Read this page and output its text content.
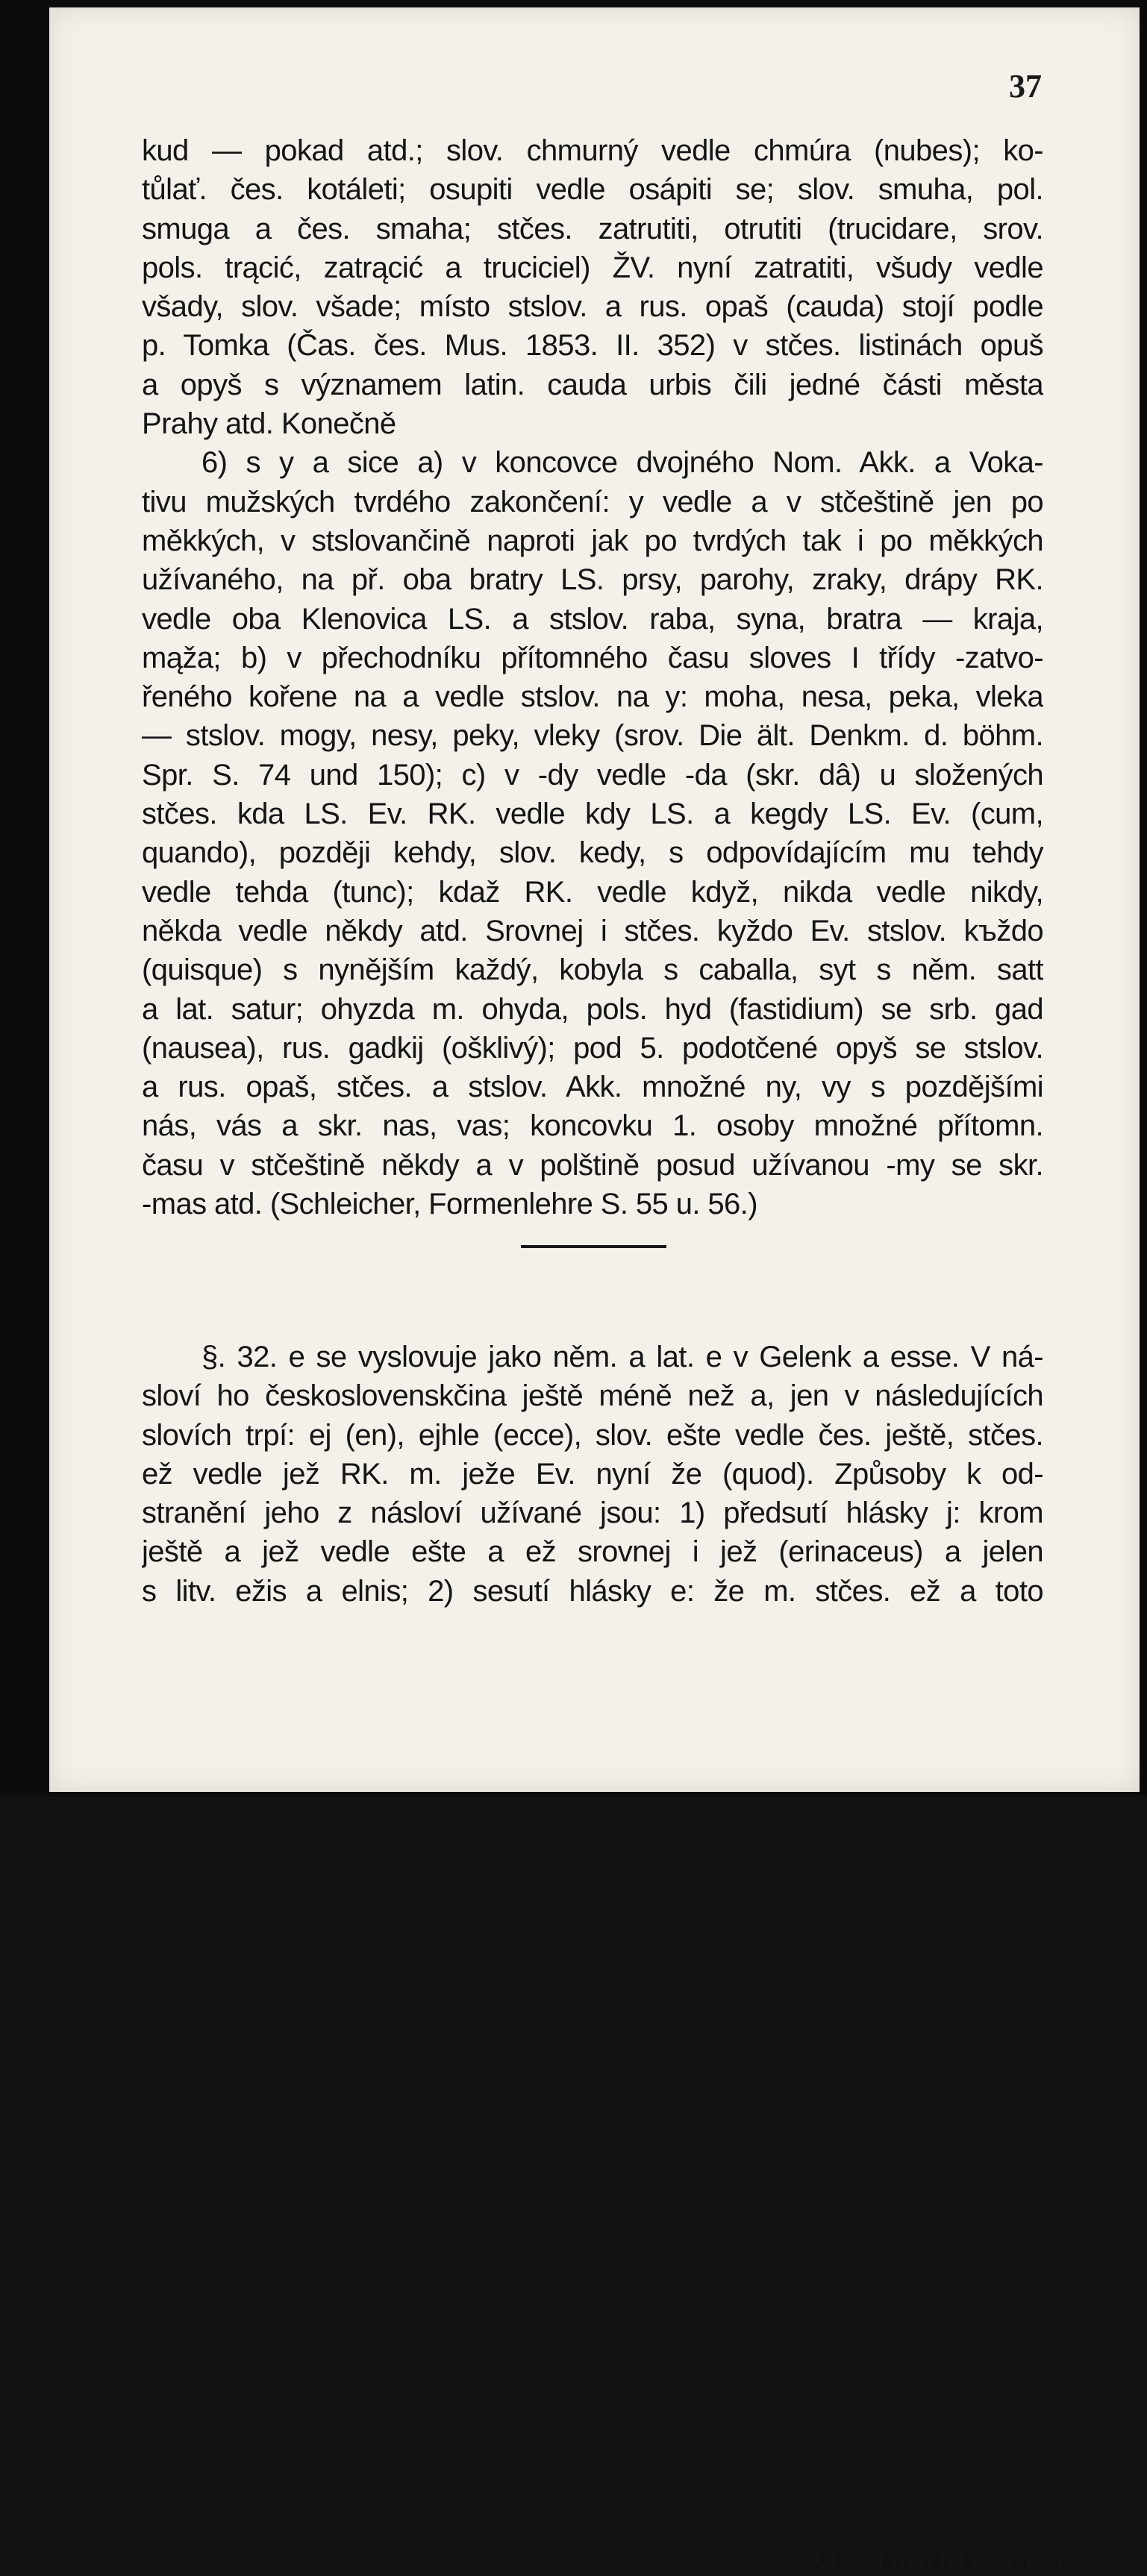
37
kud — pokad atd.; slov. chmurný vedle chmúra (nubes); ko-
tůlať. čes. kotáleti; osupiti vedle osápiti se; slov. smuha, pol.
smuga a čes. smaha; stčes. zatrutiti, otrutiti (trucidare, srov.
pols. trącić, zatrącić a truciciel) ŽV. nyní zatratiti, všudy vedle
všady, slov. všade; místo stslov. a rus. opaš (cauda) stojí podle
p. Tomka (Čas. čes. Mus. 1853. II. 352) v stčes. listinách opuš
a opyš s významem latin. cauda urbis čili jedné části města
Prahy atd. Konečně
6) s y a sice a) v koncovce dvojného Nom. Akk. a Voka-
tivu mužských tvrdého zakončení: y vedle a v stčeštině jen po
měkkých, v stslovančině naproti jak po tvrdých tak i po měkkých
užívaného, na př. oba bratry LS. prsy, parohy, zraky, drápy RK.
vedle oba Klenovica LS. a stslov. raba, syna, bratra — kraja,
mąža; b) v přechodníku přítomného času sloves I třídy -zatvo-
řeného kořene na a vedle stslov. na y: moha, nesa, peka, vleka
— stslov. mogy, nesy, peky, vleky (srov. Die ält. Denkm. d. böhm.
Spr. S. 74 und 150); c) v -dy vedle -da (skr. dâ) u složených
stčes. kda LS. Ev. RK. vedle kdy LS. a kegdy LS. Ev. (cum,
quando), později kehdy, slov. kedy, s odpovídajícím mu tehdy
vedle tehda (tunc); kdaž RK. vedle když, nikda vedle nikdy,
někda vedle někdy atd. Srovnej i stčes. kyždo Ev. stslov. kъždo
(quisque) s nynějším každý, kobyla s caballa, syt s něm. satt
a lat. satur; ohyzda m. ohyda, pols. hyd (fastidium) se srb. gad
(nausea), rus. gadkij (ošklivý); pod 5. podotčené opyš se stslov.
a rus. opaš, stčes. a stslov. Akk. množné ny, vy s pozdějšími
nás, vás a skr. nas, vas; koncovku 1. osoby množné přítomn.
času v stčeštině někdy a v polštině posud užívanou -my se skr.
-mas atd. (Schleicher, Formenlehre S. 55 u. 56.)
O samohlásce e.
§. 32. e se vyslovuje jako něm. a lat. e v Gelenk a esse. V ná-
sloví ho československčina ještě méně než a, jen v následujících
slovích trpí: ej (en), ejhle (ecce), slov. ešte vedle čes. ještě, stčes.
ež vedle jež RK. m. ježe Ev. nyní že (quod). Způsoby k od-
stranění jeho z násloví užívané jsou: 1) předsutí hlásky j: krom
ještě a jež vedle ešte a ež srovnej i jež (erinaceus) a jelen
s litv. ežis a elnis; 2) sesutí hlásky e: že m. stčes. ež a toto
